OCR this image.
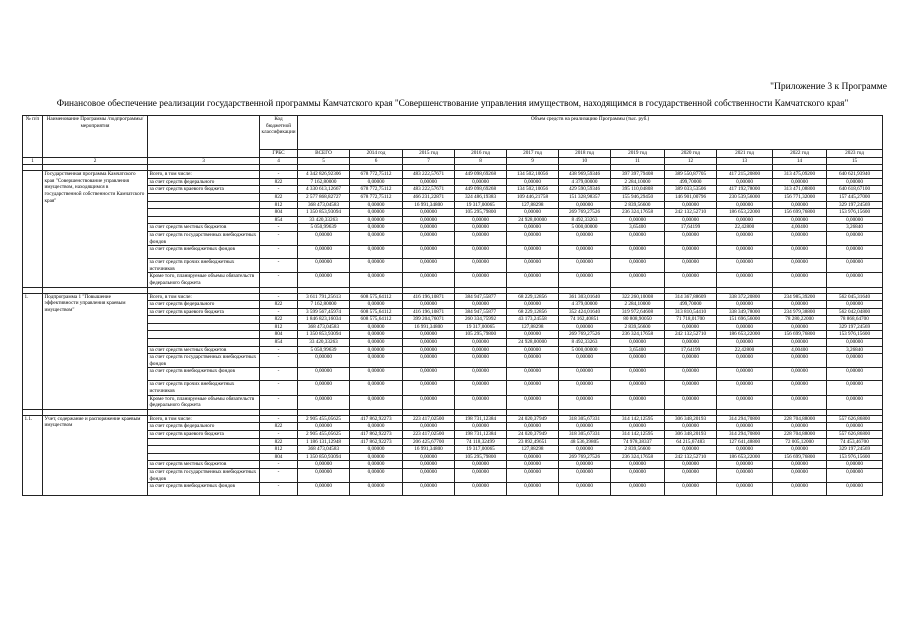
"Приложение 3 к Программе
Финансовое обеспечение реализации государственной программы Камчатского края "Совершенствование управления имуществом, находящимся в государственной собственности Камчатского края"
№ п/п	Наименование Программы /подпрограммы/ мероприятия		Код бюджетной классификации	Объем средств на реализацию Программы (тыс. руб.)										
			ГРБС	ВСЕГО	2014 год	2015 год	2016 год	2017 год	2018 год	2019 год	2020 год	2021 год	2022 год	2023 год
1	2	3	4	5	6	7	8	9	10	11	12	13	14	15

	Государственная программа Камчатского края "Совершенствование управления имуществом, находящимся в государственной собственности Камчатского края"	Всего, в том числе:	-	4 342 826,92306	678 772,75112	483 222,57671	449 098,69268	134 502,10056	438 969,59346	397 397,79408	389 550,87705	417 215,20800	313 475,09200	640 621,93940
		за счет средств федерального	822	7 162,80000	0,00000	0,00000	0,00000	0,00000	4 379,00000	2 284,10000	499,70000	0,00000	0,00000	0,00000
		за счет средств краевого бюджета	-	4 330 613,12667	678 772,75112	483 222,57671	449 098,69268	134 502,10056	429 590,59346	395 110,04808	389 033,53506	417 192,78000	313 471,08800	640 618,67100
			822	2 577 868,82727	678 772,75112	466 231,22871	324 486,19383	109 446,21758	151 328,98357	155 946,29450	146 901,00796	230 539,56000	156 771,32000	157 445,27000
			812	368 473,04583	0,00000	16 991,34800	19 317,00065	127,88298	0,00000	2 839,56600	0,00000	0,00000	0,00000	329 197,24569
			804	1 350 853,93094	0,00000	0,00000	105 295,79800	0,00000	269 769,27526	236 324,17658	242 132,52710	186 653,22000	156 699,76800	153 976,15600
			854	33 420,33263	0,00000	0,00000	0,00000	24 928,00000	8 492,33263	0,00000	0,00000	0,00000	0,00000	0,00000
		за счет средств местных бюджетов	-	5 050,99639	0,00000	0,00000	0,00000	0,00000	5 000,00000	3,65400	17,64199	22,42800	4,00400	3,26840
		за счет средств государственных внебюджетных фондов	-	0,00000	0,00000	0,00000	0,00000	0,00000	0,00000	0,00000	0,00000	0,00000	0,00000	0,00000
		за счет средств внебюджетных фондов	-	0,00000	0,00000	0,00000	0,00000	0,00000	0,00000	0,00000	0,00000	0,00000	0,00000	0,00000
		за счет средств прочих внебюджетных источников	-	0,00000	0,00000	0,00000	0,00000	0,00000	0,00000	0,00000	0,00000	0,00000	0,00000	0,00000
		Кроме того, планируемые объемы обязательств федерального бюджета	-	0,00000	0,00000	0,00000	0,00000	0,00000	0,00000	0,00000	0,00000	0,00000	0,00000	0,00000

1.	Подпрограмма 1 "Повышение эффективности управления краевым имуществом"	Всего, в том числе:	-	3 611 791,25613	608 575,64112	416 196,10871	384 947,55877	68 229,12856	361 303,01640	322 260,10008	314 367,88609	338 372,20800	234 985,39200	562 045,31640
		за счет средств федерального	822	7 162,80000	0,00000	0,00000	0,00000	0,00000	4 379,00000	2 284,10000	499,70000	0,00000	0,00000	0,00000
		за счет средств краевого бюджета	-	3 599 567,45974	608 575,64112	416 196,10871	384 947,55877	68 229,12856	352 424,01640	319 972,64608	313 810,54410	338 349,78000	234 979,38800	562 042,04800
			822	1 846 823,16034	608 575,64112	399 204,76071	260 334,75992	43 173,24558	74 162,40851	80 808,90050	71 718,01700	151 696,56000	78 280,22000	78 868,64700
			812	368 473,04583	0,00000	16 991,34800	19 317,00065	127,88298	0,00000	2 839,56600	0,00000	0,00000	0,00000	329 197,24569
			804	1 350 853,93094	0,00000	0,00000	105 295,79800	0,00000	269 769,27526	236 324,17658	242 132,52710	186 653,22000	156 699,76800	153 976,15600
			854	33 420,33263	0,00000	0,00000	0,00000	24 928,00000	8 492,33263	0,00000	0,00000	0,00000	0,00000	0,00000
		за счет средств местных бюджетов	-	5 050,99639	0,00000	0,00000	0,00000	0,00000	5 000,00000	3,65400	17,64199	22,42800	4,00400	3,26840
		за счет средств государственных внебюджетных фондов	-	0,00000	0,00000	0,00000	0,00000	0,00000	0,00000	0,00000	0,00000	0,00000	0,00000	0,00000
		за счет средств внебюджетных фондов	-	0,00000	0,00000	0,00000	0,00000	0,00000	0,00000	0,00000	0,00000	0,00000	0,00000	0,00000
		за счет средств прочих внебюджетных источников	-	0,00000	0,00000	0,00000	0,00000	0,00000	0,00000	0,00000	0,00000	0,00000	0,00000	0,00000
		Кроме того, планируемые объемы обязательств федерального бюджета	-	0,00000	0,00000	0,00000	0,00000	0,00000	0,00000	0,00000	0,00000	0,00000	0,00000	0,00000

1.1.	Учет, содержание и распоряжение краевым имуществом	Всего, в том числе:	-	2 905 455,05625	417 862,92273	223 417,02500	198 731,12384	24 020,37949	318 305,67331	314 142,12595	306 348,20193	314 294,70800	228 704,88000	557 626,86800
		за счет средств федерального	822	0,00000	0,00000	0,00000	0,00000	0,00000	0,00000	0,00000	0,00000	0,00000	0,00000	0,00000
		за счет средств краевого бюджета	-	2 905 455,05625	417 862,92273	223 417,02500	198 731,12384	24 020,37949	318 305,67331	314 142,12595	306 348,20193	314 294,70800	228 704,88000	557 626,86800
			822	1 186 131,12948	417 862,92273	206 425,67700	74 118,32499	23 892,49651	48 536,39805	74 978,38337	64 215,67483	127 641,48800	72 005,12000	74 453,46700
			812	368 473,04583	0,00000	16 991,34800	19 317,00065	127,88298	0,00000	2 839,56600	0,00000	0,00000	0,00000	329 197,24569
			804	1 350 850,93094	0,00000	0,00000	105 295,79800	0,00000	269 769,27526	236 324,17658	242 132,52710	186 653,22000	156 699,76800	153 976,15600
		за счет средств местных бюджетов	-	0,00000	0,00000	0,00000	0,00000	0,00000	0,00000	0,00000	0,00000	0,00000	0,00000	0,00000
		за счет средств государственных внебюджетных фондов	-	0,00000	0,00000	0,00000	0,00000	0,00000	0,00000	0,00000	0,00000	0,00000	0,00000	0,00000
		за счет средств внебюджетных фондов	-	0,00000	0,00000	0,00000	0,00000	0,00000	0,00000	0,00000	0,00000	0,00000	0,00000	0,00000
